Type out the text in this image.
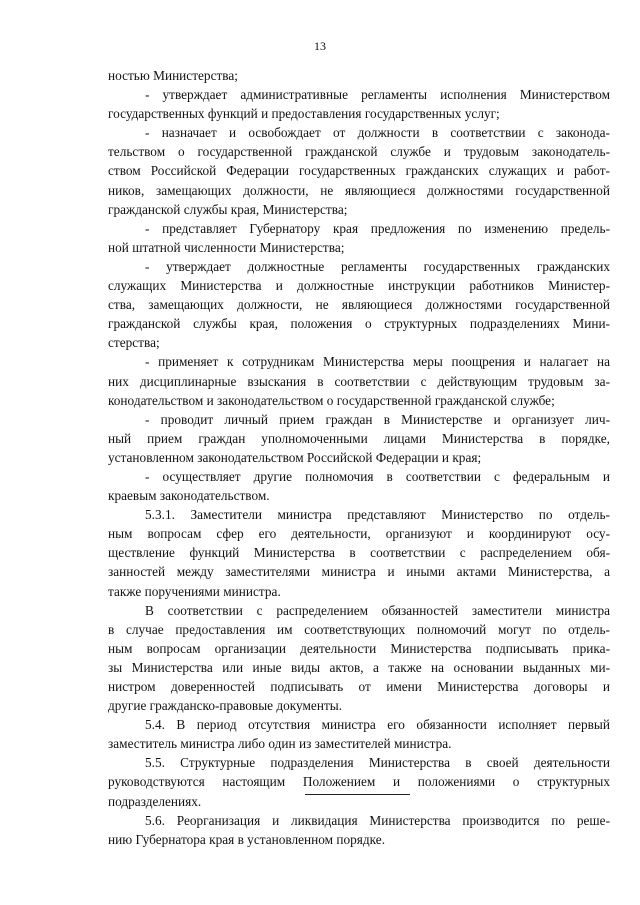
13
ностью Министерства;
- утверждает административные регламенты исполнения Министерством
государственных функций и предоставления государственных услуг;
- назначает и освобождает от должности в соответствии с законода-
тельством о государственной гражданской службе и трудовым законодатель-
ством Российской Федерации государственных гражданских служащих и работ-
ников, замещающих должности, не являющиеся должностями государственной
гражданской службы края, Министерства;
- представляет Губернатору края предложения по изменению предель-
ной штатной численности Министерства;
- утверждает должностные регламенты государственных гражданских
служащих Министерства и должностные инструкции работников Министер-
ства, замещающих должности, не являющиеся должностями государственной
гражданской службы края, положения о структурных подразделениях Мини-
стерства;
- применяет к сотрудникам Министерства меры поощрения и налагает на
них дисциплинарные взыскания в соответствии с действующим трудовым за-
конодательством и законодательством о государственной гражданской службе;
- проводит личный прием граждан в Министерстве и организует лич-
ный прием граждан уполномоченными лицами Министерства в порядке,
установленном законодательством Российской Федерации и края;
- осуществляет другие полномочия в соответствии с федеральным и
краевым законодательством.
5.3.1. Заместители министра представляют Министерство по отдель-
ным вопросам сфер его деятельности, организуют и координируют осу-
ществление функций Министерства в соответствии с распределением обя-
занностей между заместителями министра и иными актами Министерства, а
также поручениями министра.
В соответствии с распределением обязанностей заместители министра
в случае предоставления им соответствующих полномочий могут по отдель-
ным вопросам организации деятельности Министерства подписывать прика-
зы Министерства или иные виды актов, а также на основании выданных ми-
нистром доверенностей подписывать от имени Министерства договоры и
другие гражданско-правовые документы.
5.4. В период отсутствия министра его обязанности исполняет первый
заместитель министра либо один из заместителей министра.
5.5. Структурные подразделения Министерства в своей деятельности
руководствуются настоящим Положением и положениями о структурных
подразделениях.
5.6. Реорганизация и ликвидация Министерства производится по реше-
нию Губернатора края в установленном порядке.
